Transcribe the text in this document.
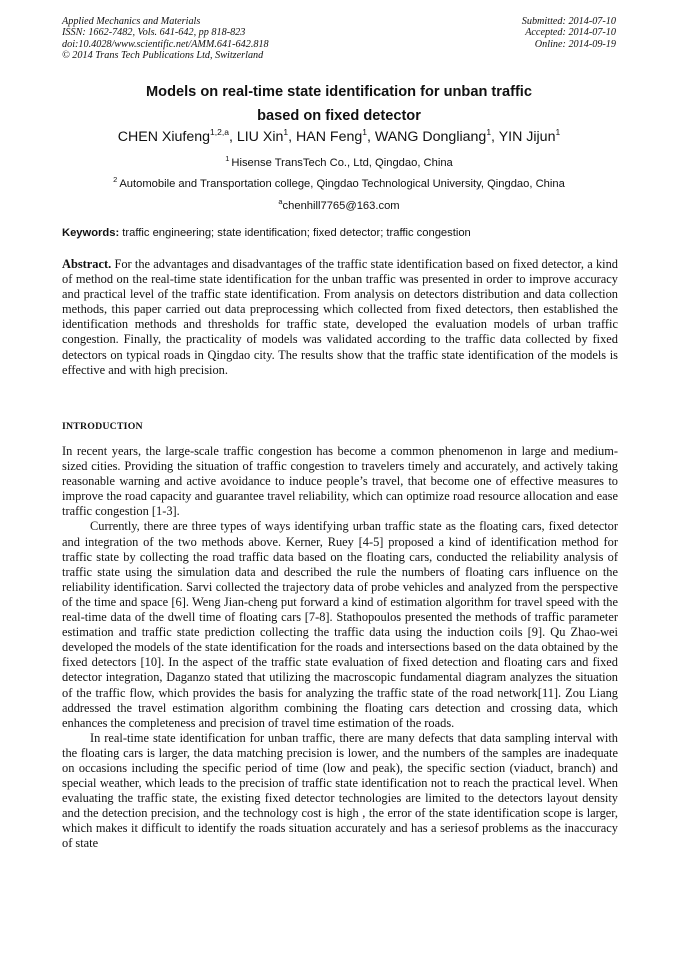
Applied Mechanics and Materials
ISSN: 1662-7482, Vols. 641-642, pp 818-823
doi:10.4028/www.scientific.net/AMM.641-642.818
© 2014 Trans Tech Publications Ltd, Switzerland
Submitted: 2014-07-10
Accepted: 2014-07-10
Online: 2014-09-19
Models on real-time state identification for unban traffic
based on fixed detector
CHEN Xiufeng$^{1,2,a}$, LIU Xin$^1$, HAN Feng$^1$, WANG Dongliang$^1$, YIN Jijun$^1$
$^1$ Hisense TransTech Co., Ltd, Qingdao, China
$^2$ Automobile and Transportation college, Qingdao Technological University, Qingdao, China
$^a$chenhill7765@163.com
Keywords: traffic engineering; state identification; fixed detector; traffic congestion

Abstract. For the advantages and disadvantages of the traffic state identification based on fixed detector, a kind of method on the real-time state identification for the unban traffic was presented in order to improve accuracy and practical level of the traffic state identification. From analysis on detectors distribution and data collection methods, this paper carried out data preprocessing which collected from fixed detectors, then established the identification methods and thresholds for traffic state, developed the evaluation models of urban traffic congestion. Finally, the practicality of models was validated according to the traffic data collected by fixed detectors on typical roads in Qingdao city. The results show that the traffic state identification of the models is effective and with high precision.

INTRODUCTION

In recent years, the large-scale traffic congestion has become a common phenomenon in large and medium-sized cities. Providing the situation of traffic congestion to travelers timely and accurately, and actively taking reasonable warning and active avoidance to induce people’s travel, that become one of effective measures to improve the road capacity and guarantee travel reliability, which can optimize road resource allocation and ease traffic congestion [1-3].

Currently, there are three types of ways identifying urban traffic state as the floating cars, fixed detector and integration of the two methods above. Kerner, Ruey [4-5] proposed a kind of identification method for traffic state by collecting the road traffic data based on the floating cars, conducted the reliability analysis of traffic state using the simulation data and described the rule the numbers of floating cars influence on the reliability identification. Sarvi collected the trajectory data of probe vehicles and analyzed from the perspective of the time and space [6]. Weng Jian-cheng put forward a kind of estimation algorithm for travel speed with the real-time data of the dwell time of floating cars [7-8]. Stathopoulos presented the methods of traffic parameter estimation and traffic state prediction collecting the traffic data using the induction coils [9]. Qu Zhao-wei developed the models of the state identification for the roads and intersections based on the data obtained by the fixed detectors [10]. In the aspect of the traffic state evaluation of fixed detection and floating cars and fixed detector integration, Daganzo stated that utilizing the macroscopic fundamental diagram analyzes the situation of the traffic flow, which provides the basis for analyzing the traffic state of the road network[11]. Zou Liang addressed the travel estimation algorithm combining the floating cars detection and crossing data, which enhances the completeness and precision of travel time estimation of the roads.

In real-time state identification for unban traffic, there are many defects that data sampling interval with the floating cars is larger, the data matching precision is lower, and the numbers of the samples are inadequate on occasions including the specific period of time (low and peak), the specific section (viaduct, branch) and special weather, which leads to the precision of traffic state identification not to reach the practical level. When evaluating the traffic state, the existing fixed detector technologies are limited to the detectors layout density and the detection precision, and the technology cost is high , the error of the state identification scope is larger, which makes it difficult to identify the roads situation accurately and has a seriesof problems as the inaccuracy of state
